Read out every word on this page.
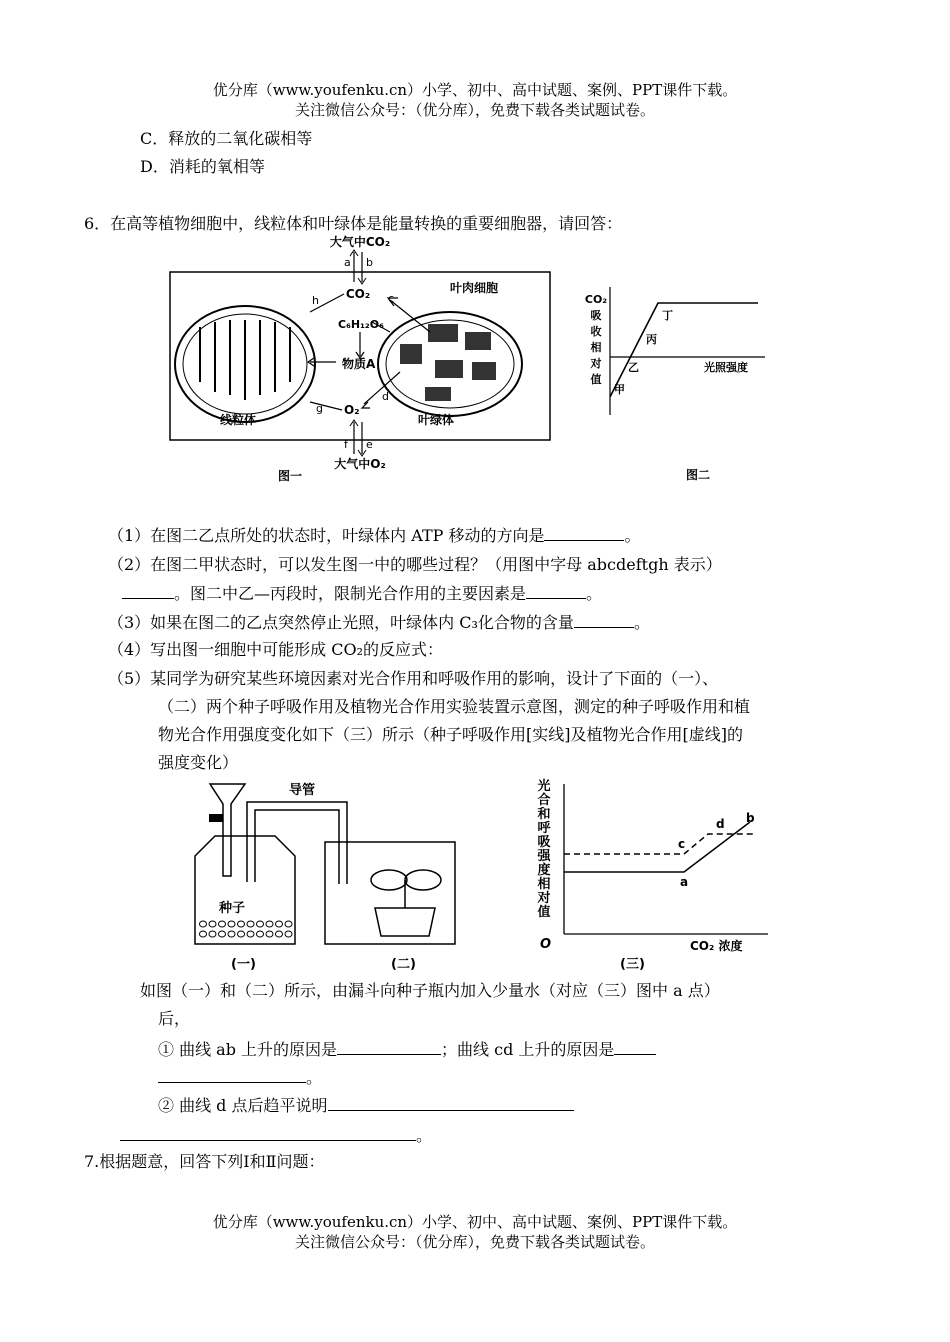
优分库（www.youfenku.cn）小学、初中、高中试题、案例、PPT课件下载。
关注微信公众号：（优分库），免费下载各类试题试卷。
C．释放的二氧化碳相等
D．消耗的氧相等
6．在高等植物细胞中，线粒体和叶绿体是能量转换的重要细胞器，请回答：
大气中CO₂
a b
CO₂	叶肉细胞
线粒体	叶绿体
C₆H₁₂O₆
物质A
O₂
h	c
g
d
f e
大气中O₂
图一
CO₂
吸
收
相
对
值
光照强度
甲
乙
丙
丁
图二
（1）在图二乙点所处的状态时，叶绿体内 ATP 移动的方向是	。
（2）在图二甲状态时，可以发生图一中的哪些过程？（用图中字母 abcdeftgh 表示）
。图二中乙—丙段时，限制光合作用的主要因素是	。
（3）如果在图二的乙点突然停止光照，叶绿体内 C₃化合物的含量	。
（4）写出图一细胞中可能形成 CO₂的反应式：
（5）某同学为研究某些环境因素对光合作用和呼吸作用的影响，设计了下面的（一）、
（二）两个种子呼吸作用及植物光合作用实验装置示意图，测定的种子呼吸作用和植
物光合作用强度变化如下（三）所示（种子呼吸作用[实线]及植物光合作用[虚线]的
强度变化）
种子
导管
(一)	(二)
光
合
和
呼
吸
强
度
相
对
值
O	CO₂ 浓度
a
c
d b
(三)
如图（一）和（二）所示，由漏斗向种子瓶内加入少量水（对应（三）图中 a 点）
后，
① 曲线 ab 上升的原因是	；曲线 cd 上升的原因是
。
② 曲线 d 点后趋平说明
。
7.根据题意，回答下列Ⅰ和Ⅱ问题：
优分库（www.youfenku.cn）小学、初中、高中试题、案例、PPT课件下载。
关注微信公众号：（优分库），免费下载各类试题试卷。
